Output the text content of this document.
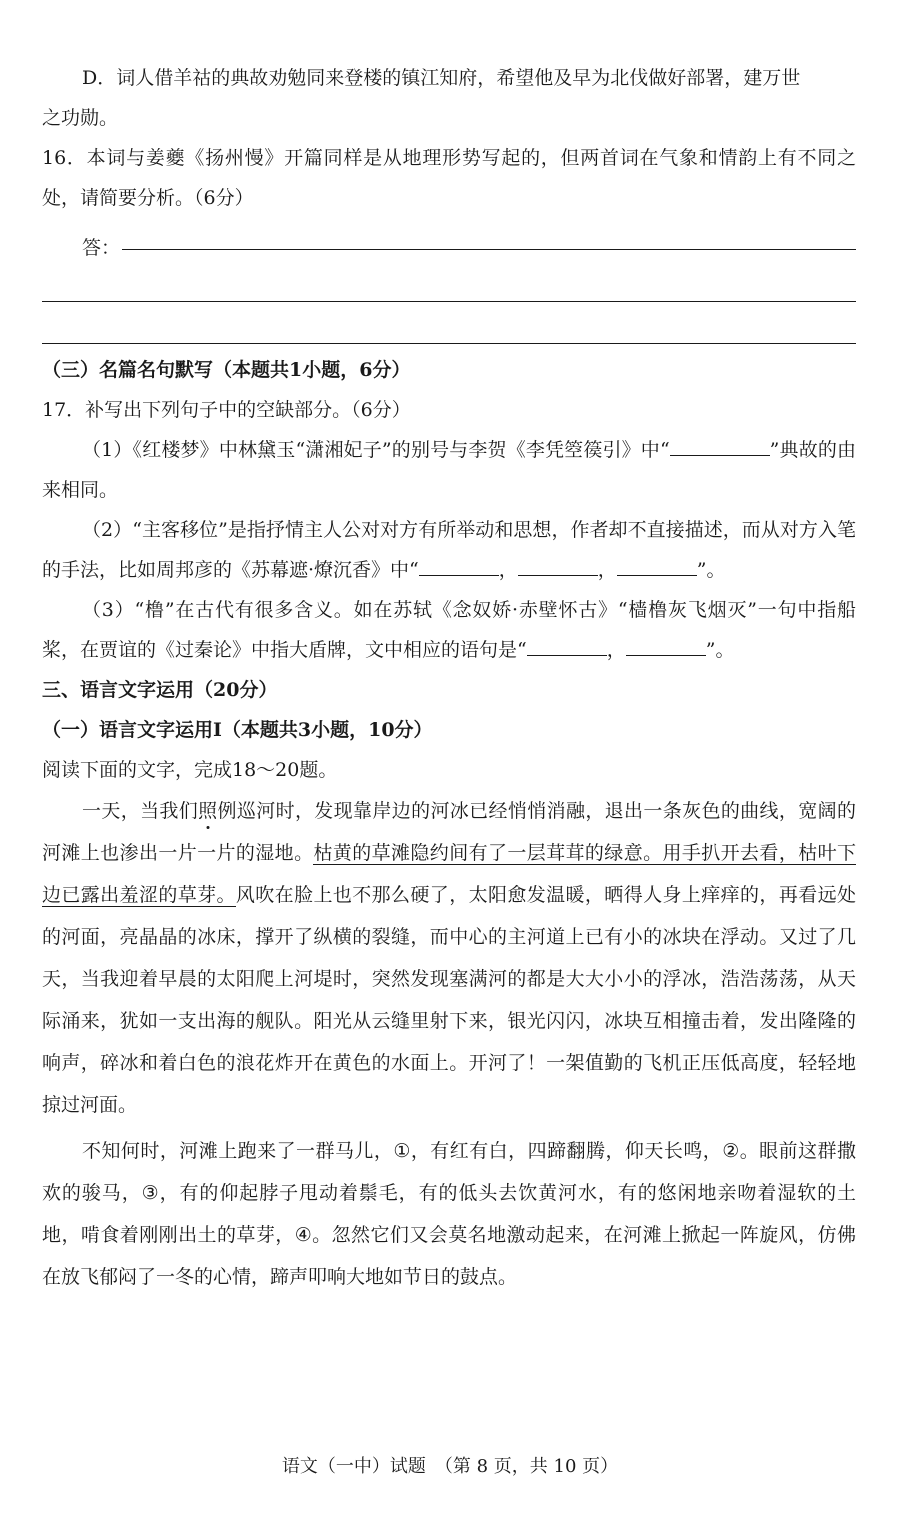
D．词人借羊祜的典故劝勉同来登楼的镇江知府，希望他及早为北伐做好部署，建万世

之功勋。

16．本词与姜夔《扬州慢》开篇同样是从地理形势写起的，但两首词在气象和情韵上有不同之处，请简要分析。（6分）

答：

（三）名篇名句默写（本题共1小题，6分）

17．补写出下列句子中的空缺部分。（6分）

（1）《红楼梦》中林黛玉“潇湘妃子”的别号与李贺《李凭箜篌引》中“	”典故的由来相同。

（2）“主客移位”是指抒情主人公对对方有所举动和思想，作者却不直接描述，而从对方入笔的手法，比如周邦彦的《苏幕遮·燎沉香》中“	，	，	”。

（3）“橹”在古代有很多含义。如在苏轼《念奴娇·赤壁怀古》“樯橹灰飞烟灭”一句中指船桨，在贾谊的《过秦论》中指大盾牌，文中相应的语句是“	，	”。

三、语言文字运用（20分）

（一）语言文字运用Ⅰ（本题共3小题，10分）

阅读下面的文字，完成18～20题。

一天，当我们照例巡河时，发现靠岸边的河冰已经悄悄消融，退出一条灰色的曲线，宽阔的河滩上也渗出一片一片的湿地。枯黄的草滩隐约间有了一层茸茸的绿意。用手扒开去看，枯叶下边已露出羞涩的草芽。风吹在脸上也不那么硬了，太阳愈发温暖，晒得人身上痒痒的，再看远处的河面，亮晶晶的冰床，撑开了纵横的裂缝，而中心的主河道上已有小的冰块在浮动。又过了几天，当我迎着早晨的太阳爬上河堤时，突然发现塞满河的都是大大小小的浮冰，浩浩荡荡，从天际涌来，犹如一支出海的舰队。阳光从云缝里射下来，银光闪闪，冰块互相撞击着，发出隆隆的响声，碎冰和着白色的浪花炸开在黄色的水面上。开河了！一架值勤的飞机正压低高度，轻轻地掠过河面。

不知何时，河滩上跑来了一群马儿，①，有红有白，四蹄翻腾，仰天长鸣，②。眼前这群撒欢的骏马，③，有的仰起脖子甩动着鬃毛，有的低头去饮黄河水，有的悠闲地亲吻着湿软的土地，啃食着刚刚出土的草芽，④。忽然它们又会莫名地激动起来，在河滩上掀起一阵旋风，仿佛在放飞郁闷了一冬的心情，蹄声叩响大地如节日的鼓点。

语文（一中）试题　（第 8 页，共 10 页）
